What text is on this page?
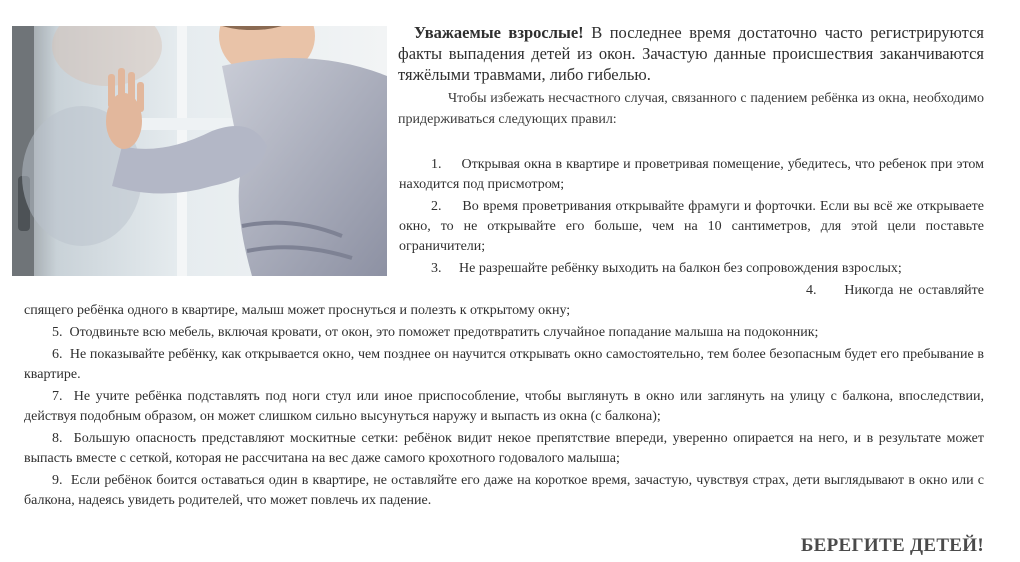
Уважаемые взрослые! В последнее время достаточно часто регистрируются факты выпадения детей из окон. Зачастую данные происшествия заканчиваются тяжёлыми травмами, либо гибелью.

Чтобы избежать несчастного случая, связанного с падением ребёнка из окна, необходимо придерживаться следующих правил:

1. Открывая окна в квартире и проветривая помещение, убедитесь, что ребенок при этом находится под присмотром;

2. Во время проветривания открывайте фрамуги и форточки. Если вы всё же открываете окно, то не открывайте его больше, чем на 10 сантиметров, для этой цели поставьте ограничители;

3. Не разрешайте ребёнку выходить на балкон без сопровождения взрослых;

4. Никогда не оставляйте спящего ребёнка одного в квартире, малыш может проснуться и полезть к открытому окну;

5. Отодвиньте всю мебель, включая кровати, от окон, это поможет предотвратить случайное попадание малыша на подоконник;

6. Не показывайте ребёнку, как открывается окно, чем позднее он научится открывать окно самостоятельно, тем более безопасным будет его пребывание в квартире.

7. Не учите ребёнка подставлять под ноги стул или иное приспособление, чтобы выглянуть в окно или заглянуть на улицу с балкона, впоследствии, действуя подобным образом, он может слишком сильно высунуться наружу и выпасть из окна (с балкона);

8. Большую опасность представляют москитные сетки: ребёнок видит некое препятствие впереди, уверенно опирается на него, и в результате может выпасть вместе с сеткой, которая не рассчитана на вес даже самого крохотного годовалого малыша;

9. Если ребёнок боится оставаться один в квартире, не оставляйте его даже на короткое время, зачастую, чувствуя страх, дети выглядывают в окно или с балкона, надеясь увидеть родителей, что может повлечь их падение.

БЕРЕГИТЕ ДЕТЕЙ!
